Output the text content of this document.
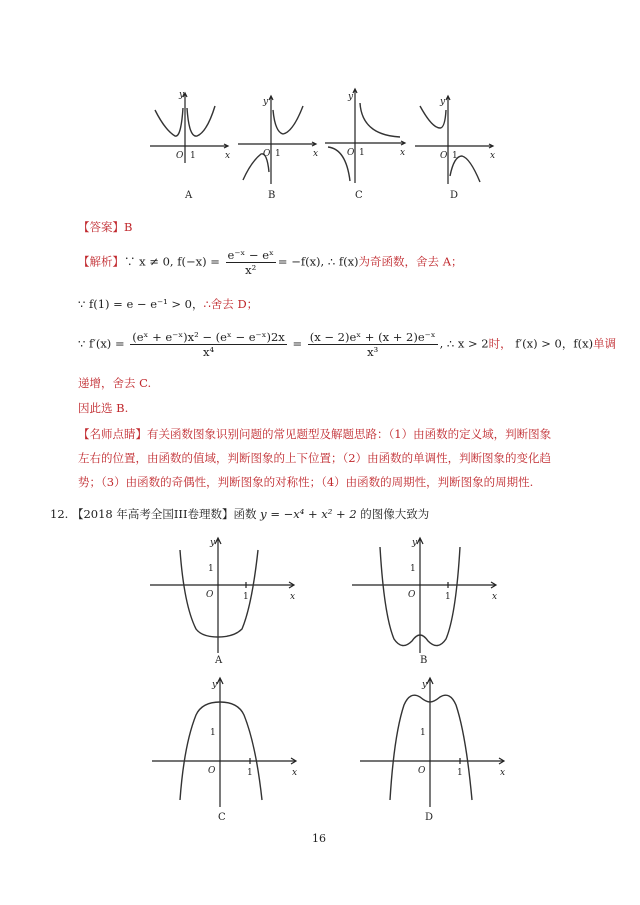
y
x
O 1
A
y
x
O 1
B
y
x
O 1
C
y
x
O 1
D
【答案】B
【解析】∵ x ≠ 0, $f(-x) = \frac{\text{e⁻ˣ − eˣ}}{\text{x²}} = -f(x)$, ∴ f(x)为奇函数，舍去 A；
∵ f(1) = e − e⁻¹ > 0，∴舍去 D；
∵ $f'(x) = \frac{\text{(eˣ + e⁻ˣ)x² − (eˣ − e⁻ˣ)2x}}{\text{x⁴}} = \frac{\text{(x − 2)eˣ + (x + 2)e⁻ˣ}}{\text{x³}}$ , ∴ x > 2时， f′(x) > 0，f(x)单调
递增，舍去 C.
因此选 B.
【名师点睛】有关函数图象识别问题的常见题型及解题思路：（1）由函数的定义域，判断图象左右的位置，由函数的值域，判断图象的上下位置；（2）由函数的单调性，判断图象的变化趋势；（3）由函数的奇偶性，判断图象的对称性；（4）由函数的周期性，判断图象的周期性.
12. 【2018 年高考全国III卷理数】函数 y = −x⁴ + x² + 2 的图像大致为
y
x
O	1
1
A
y
x
O	1
1
B
y
x
O	1
1
C
y
x
O	1
1
D
16
